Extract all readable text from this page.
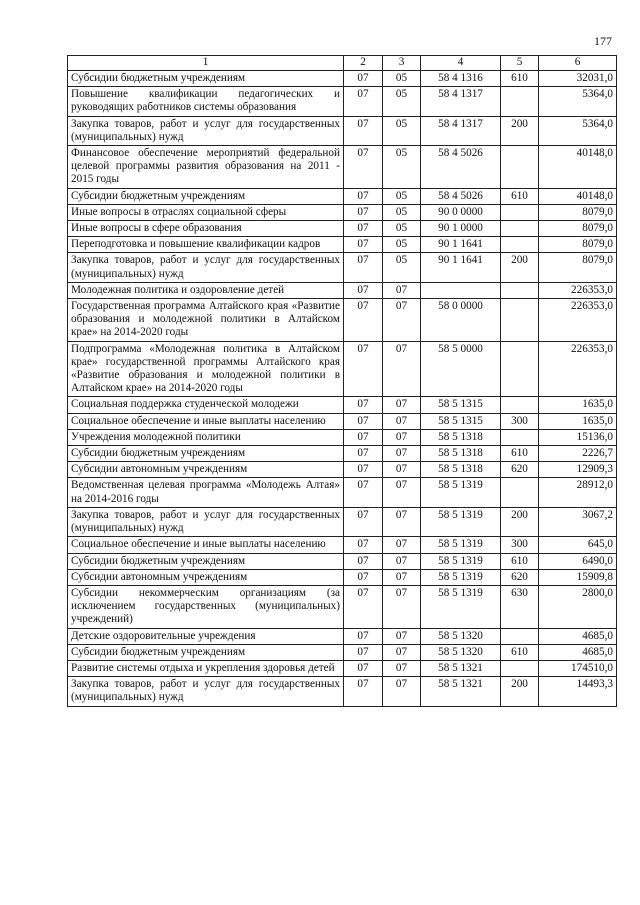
177
1	2	3	4	5	6
Субсидии бюджетным учреждениям	07	05	58 4 1316	610	32031,0
Повышение квалификации педагогических и руководящих работников системы образования	07	05	58 4 1317		5364,0
Закупка товаров, работ и услуг для государственных (муниципальных) нужд	07	05	58 4 1317	200	5364,0
Финансовое обеспечение мероприятий федеральной целевой программы развития образования на 2011 - 2015 годы	07	05	58 4 5026		40148,0
Субсидии бюджетным учреждениям	07	05	58 4 5026	610	40148,0
Иные вопросы в отраслях социальной сферы	07	05	90 0 0000		8079,0
Иные вопросы в сфере образования	07	05	90 1 0000		8079,0
Переподготовка и повышение квалификации кадров	07	05	90 1 1641		8079,0
Закупка товаров, работ и услуг для государственных (муниципальных) нужд	07	05	90 1 1641	200	8079,0
Молодежная политика и оздоровление детей	07	07			226353,0
Государственная программа Алтайского края «Развитие образования и молодежной политики в Алтайском крае» на 2014-2020 годы	07	07	58 0 0000		226353,0
Подпрограмма «Молодежная политика в Алтайском крае» государственной программы Алтайского края «Развитие образования и молодежной политики в Алтайском крае» на 2014-2020 годы	07	07	58 5 0000		226353,0
Социальная поддержка студенческой молодежи	07	07	58 5 1315		1635,0
Социальное обеспечение и иные выплаты населению	07	07	58 5 1315	300	1635,0
Учреждения молодежной политики	07	07	58 5 1318		15136,0
Субсидии бюджетным учреждениям	07	07	58 5 1318	610	2226,7
Субсидии автономным учреждениям	07	07	58 5 1318	620	12909,3
Ведомственная целевая программа «Молодежь Алтая» на 2014-2016 годы	07	07	58 5 1319		28912,0
Закупка товаров, работ и услуг для государственных (муниципальных) нужд	07	07	58 5 1319	200	3067,2
Социальное обеспечение и иные выплаты населению	07	07	58 5 1319	300	645,0
Субсидии бюджетным учреждениям	07	07	58 5 1319	610	6490,0
Субсидии автономным учреждениям	07	07	58 5 1319	620	15909,8
Субсидии некоммерческим организациям (за исключением государственных (муниципальных) учреждений)	07	07	58 5 1319	630	2800,0
Детские оздоровительные учреждения	07	07	58 5 1320		4685,0
Субсидии бюджетным учреждениям	07	07	58 5 1320	610	4685,0
Развитие системы отдыха и укрепления здоровья детей	07	07	58 5 1321		174510,0
Закупка товаров, работ и услуг для государственных (муниципальных) нужд	07	07	58 5 1321	200	14493,3
